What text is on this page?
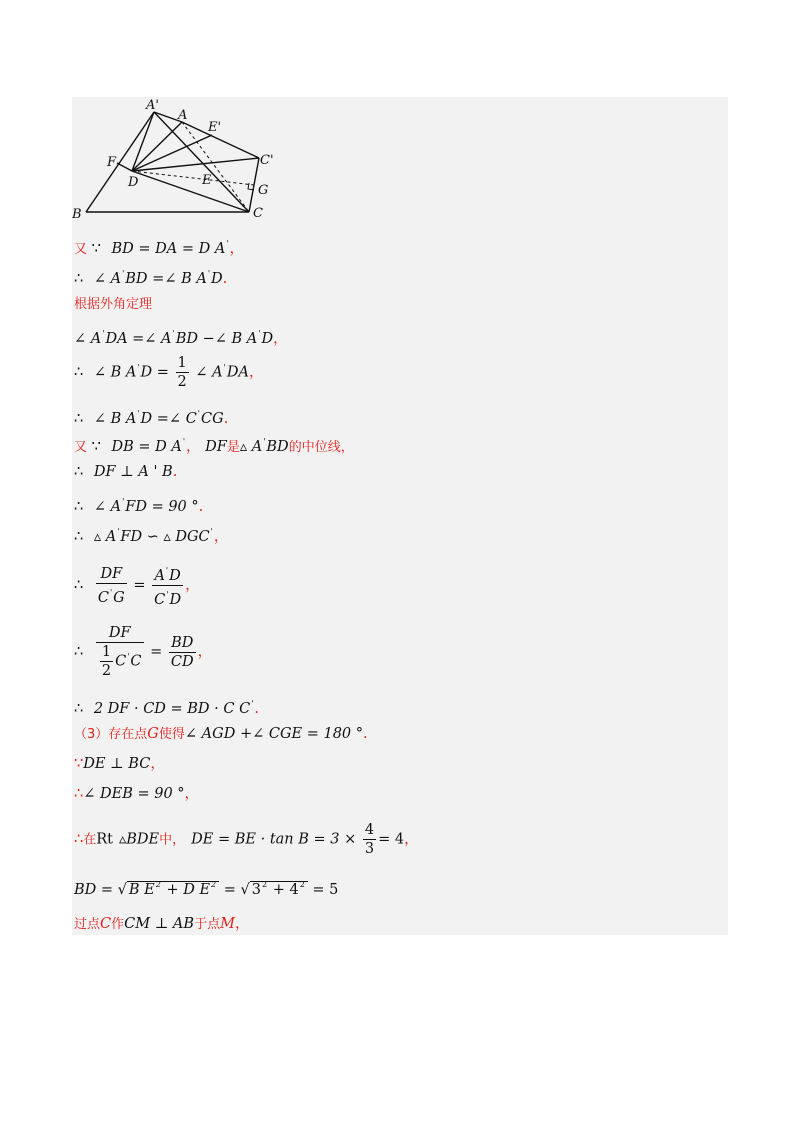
A'
A
E'
F	C'
D	E
G
B	C
又 ∵ BD = DA = D A'，
∴ ∠ A'BD =∠ B A'D.
根据外角定理
∠ A'DA =∠ A'BD −∠ B A'D，
∴ ∠ B $A'D = \frac{1}{2}$ ∠ A'DA，
∴ ∠ B A'D =∠ C'CG.
又 ∵ DB = D A'， DF是▵ A'BD的中位线，
∴ DF ⊥ A ' B.
∴ ∠ A'FD = 90 °.
∴ ▵ A'FD ∽ ▵ DGC'，
∴ $\frac{DF}{C'G} = \frac{A'D}{C'D}$ ，
∴ $\frac{DF}{\frac{1}{2} C'C} = \frac{BD}{CD}$ ，
∴ 2 DF · CD = BD · C C'.
（3）存在点G使得∠ AGD +∠ CGE = 180 °.
∵DE ⊥ BC，
∴∠ DEB = 90 °，
∴在Rt ▵BDE中， DE = BE · $\tan B = 3 \times \frac{4}{3} = 4$，
BD = √ B $E^2 + D$ $E^2$ = √ $3^2 + 4^2 = 5$
过点C作CM ⊥ AB于点M，
